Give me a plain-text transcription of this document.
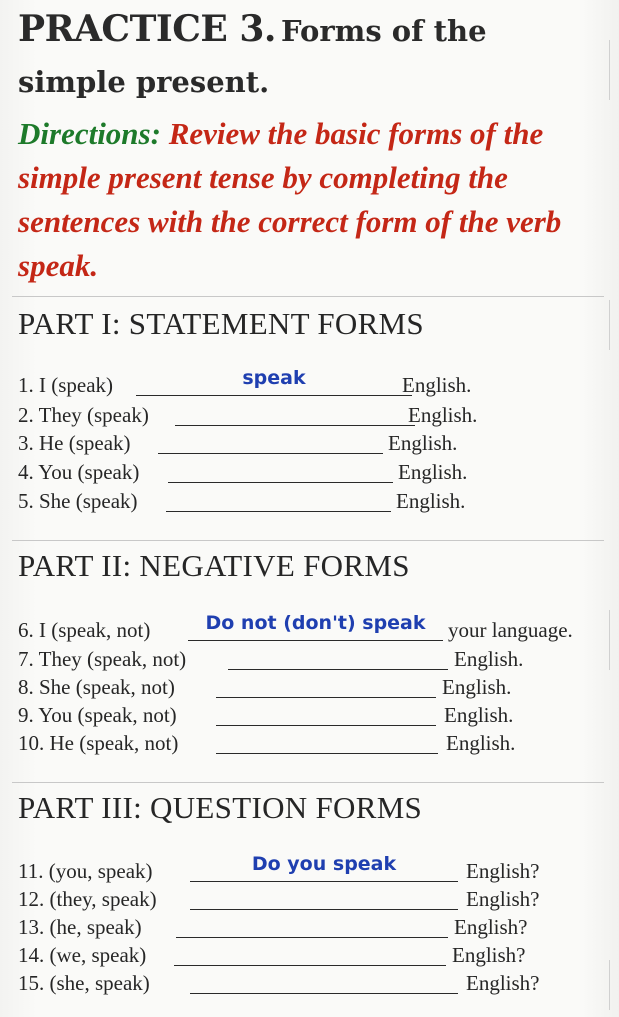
PRACTICE 3. Forms of the
simple present.
Directions: Review the basic forms of the simple present tense by completing the sentences with the correct form of the verb speak.
PART I: STATEMENT FORMS
PART II: NEGATIVE FORMS
PART III: QUESTION FORMS
1. I (speak)	speak	English.
2. They (speak)	English.
3. He (speak)	English.
4. You (speak)	English.
5. She (speak)	English.
6. I (speak, not)	Do not (don't) speak	your language.
7. They (speak, not)	English.
8. She (speak, not)	English.
9. You (speak, not)	English.
10. He (speak, not)	English.
11. (you, speak)	Do you speak	English?
12. (they, speak)	English?
13. (he, speak)	English?
14. (we, speak)	English?
15. (she, speak)	English?
